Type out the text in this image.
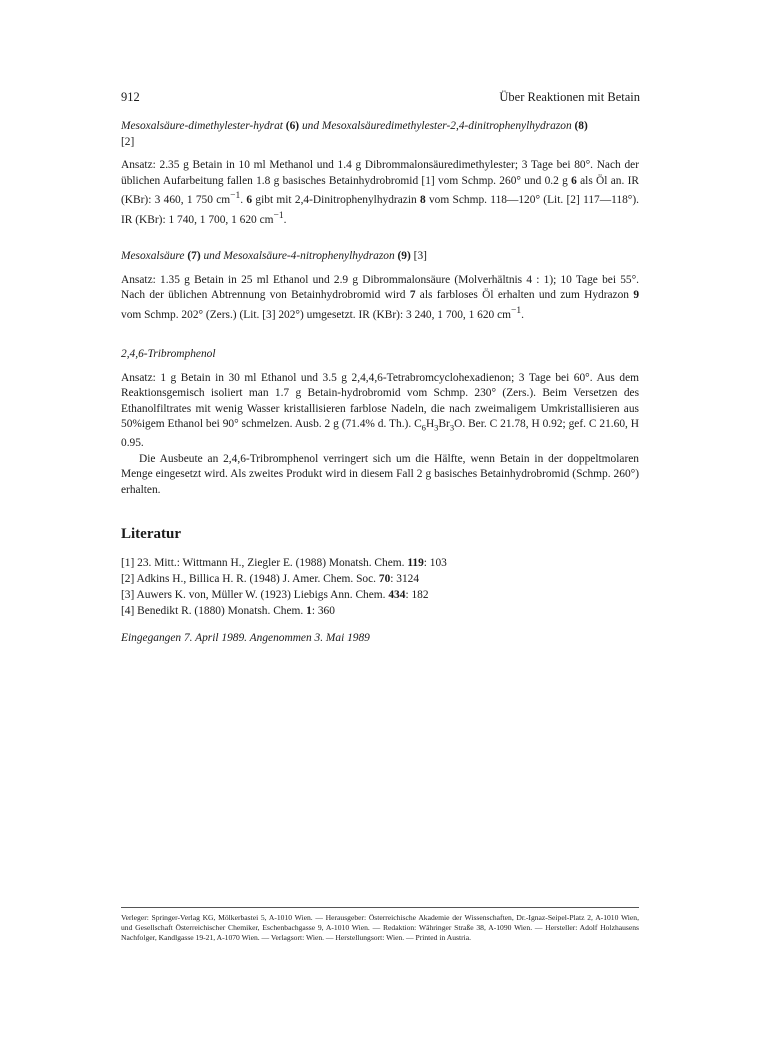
912	Über Reaktionen mit Betain
Mesoxalsäure-dimethylester-hydrat (6) und Mesoxalsäuredimethylester-2,4-dinitrophenylhydrazon (8)
[2]
Ansatz: 2.35 g Betain in 10 ml Methanol und 1.4 g Dibrommalonsäuredimethylester; 3 Tage bei 80°. Nach der üblichen Aufarbeitung fallen 1.8 g basisches Betainhydrobromid [1] vom Schmp. 260° und 0.2 g 6 als Öl an. IR (KBr): 3 460, 1 750 $cm^{-1}$. 6 gibt mit 2,4-Dinitrophenylhydrazin 8 vom Schmp. 118—120° (Lit. [2] 117—118°). IR (KBr): 1 740, 1 700, 1 620 $cm^{-1}$.
Mesoxalsäure (7) und Mesoxalsäure-4-nitrophenylhydrazon (9) [3]
Ansatz: 1.35 g Betain in 25 ml Ethanol und 2.9 g Dibrommalonsäure (Molverhältnis 4 : 1); 10 Tage bei 55°. Nach der üblichen Abtrennung von Betainhydrobromid wird 7 als farbloses Öl erhalten und zum Hydrazon 9 vom Schmp. 202° (Zers.) (Lit. [3] 202°) umgesetzt. IR (KBr): 3 240, 1 700, 1 620 $cm^{-1}$.
2,4,6-Tribromphenol
Ansatz: 1 g Betain in 30 ml Ethanol und 3.5 g 2,4,4,6-Tetrabromcyclohexadienon; 3 Tage bei 60°. Aus dem Reaktionsgemisch isoliert man 1.7 g Betain-hydrobromid vom Schmp. 230° (Zers.). Beim Versetzen des Ethanolfiltrates mit wenig Wasser kristallisieren farblose Nadeln, die nach zweimaligem Umkristallisieren aus 50%igem Ethanol bei 90° schmelzen. Ausb. 2 g (71.4% d. Th.). $C_6H_3Br_3O$. Ber. C 21.78, H 0.92; gef. C 21.60, H 0.95.
Die Ausbeute an 2,4,6-Tribromphenol verringert sich um die Hälfte, wenn Betain in der doppeltmolaren Menge eingesetzt wird. Als zweites Produkt wird in diesem Fall 2 g basisches Betainhydrobromid (Schmp. 260°) erhalten.
Literatur
[1] 23. Mitt.: Wittmann H., Ziegler E. (1988) Monatsh. Chem. 119: 103
[2] Adkins H., Billica H. R. (1948) J. Amer. Chem. Soc. 70: 3124
[3] Auwers K. von, Müller W. (1923) Liebigs Ann. Chem. 434: 182
[4] Benedikt R. (1880) Monatsh. Chem. 1: 360
Eingegangen 7. April 1989. Angenommen 3. Mai 1989
Verleger: Springer-Verlag KG, Mölkerbastei 5, A-1010 Wien. — Herausgeber: Österreichische Akademie der Wissenschaften, Dr.-Ignaz-Seipel-Platz 2, A-1010 Wien, und Gesellschaft Österreichischer Chemiker, Eschenbachgasse 9, A-1010 Wien. — Redaktion: Währinger Straße 38, A-1090 Wien. — Hersteller: Adolf Holzhausens Nachfolger, Kandlgasse 19-21, A-1070 Wien. — Verlagsort: Wien. — Herstellungsort: Wien. — Printed in Austria.
